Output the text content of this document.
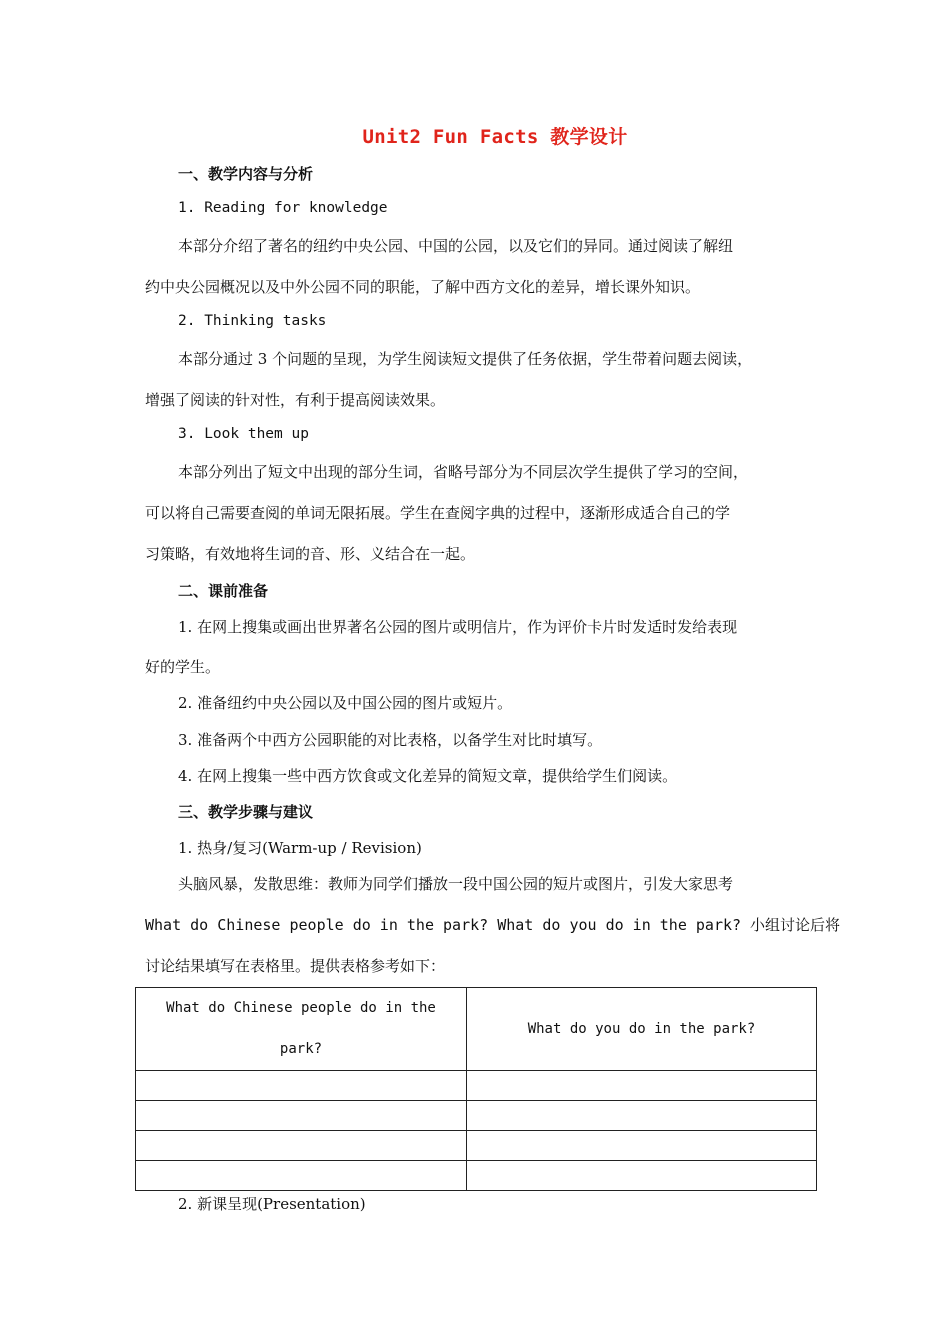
Unit2 Fun Facts 教学设计
一、教学内容与分析
1. Reading for knowledge
本部分介绍了著名的纽约中央公园、中国的公园，以及它们的异同。通过阅读了解纽
约中央公园概况以及中外公园不同的职能，了解中西方文化的差异，增长课外知识。
2. Thinking tasks
本部分通过 3 个问题的呈现，为学生阅读短文提供了任务依据，学生带着问题去阅读，
增强了阅读的针对性，有利于提高阅读效果。
3. Look them up
本部分列出了短文中出现的部分生词，省略号部分为不同层次学生提供了学习的空间，
可以将自己需要查阅的单词无限拓展。学生在查阅字典的过程中，逐渐形成适合自己的学
习策略，有效地将生词的音、形、义结合在一起。
二、课前准备
1. 在网上搜集或画出世界著名公园的图片或明信片，作为评价卡片时发适时发给表现
好的学生。
2. 准备纽约中央公园以及中国公园的图片或短片。
3. 准备两个中西方公园职能的对比表格，以备学生对比时填写。
4. 在网上搜集一些中西方饮食或文化差异的简短文章，提供给学生们阅读。
三、教学步骤与建议
1. 热身/复习(Warm-up / Revision)
头脑风暴，发散思维：教师为同学们播放一段中国公园的短片或图片，引发大家思考
What do Chinese people do in the park? What do you do in the park? 小组讨论后将
讨论结果填写在表格里。提供表格参考如下：
What do Chinese people do in the
park?	What do you do in the park?

2. 新课呈现(Presentation)
